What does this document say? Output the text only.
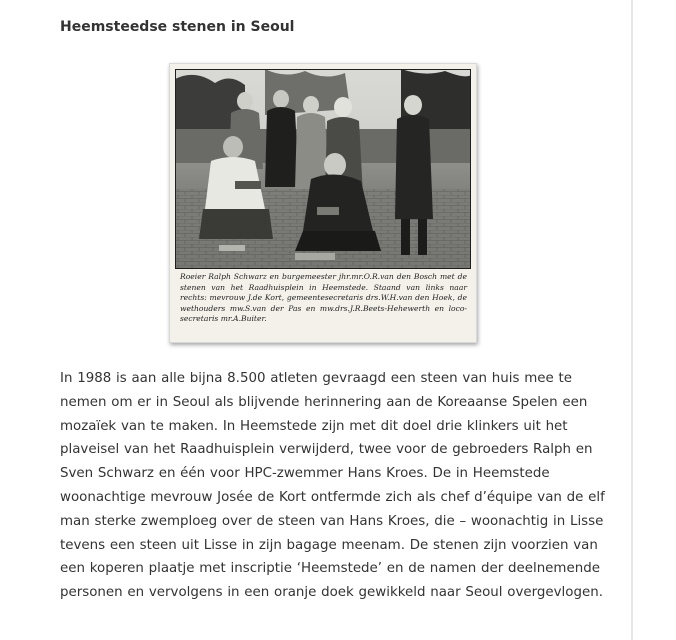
Heemsteedse stenen in Seoul

Roeier Ralph Schwarz en burgemeester jhr.mr.O.R.van den Bosch met de stenen van het Raadhuisplein in Heemstede. Staand van links naar rechts: mevrouw J.de Kort, gemeentesecretaris drs.W.H.van den Hoek, de wethouders mw.S.van der Pas en mw.drs.J.R.Beets-Hehewerth en loco-secretaris mr.A.Buiter.

In 1988 is aan alle bijna 8.500 atleten gevraagd een steen van huis mee te nemen om er in Seoul als blijvende herinnering aan de Koreaanse Spelen een mozaïek van te maken. In Heemstede zijn met dit doel drie klinkers uit het plaveisel van het Raadhuisplein verwijderd, twee voor de gebroeders Ralph en Sven Schwarz en één voor HPC-zwemmer Hans Kroes. De in Heemstede woonachtige mevrouw Josée de Kort ontfermde zich als chef d’équipe van de elf man sterke zwemploeg over de steen van Hans Kroes, die – woonachtig in Lisse tevens een steen uit Lisse in zijn bagage meenam. De stenen zijn voorzien van een koperen plaatje met inscriptie ‘Heemstede’ en de namen der deelnemende personen en vervolgens in een oranje doek gewikkeld naar Seoul overgevlogen.
